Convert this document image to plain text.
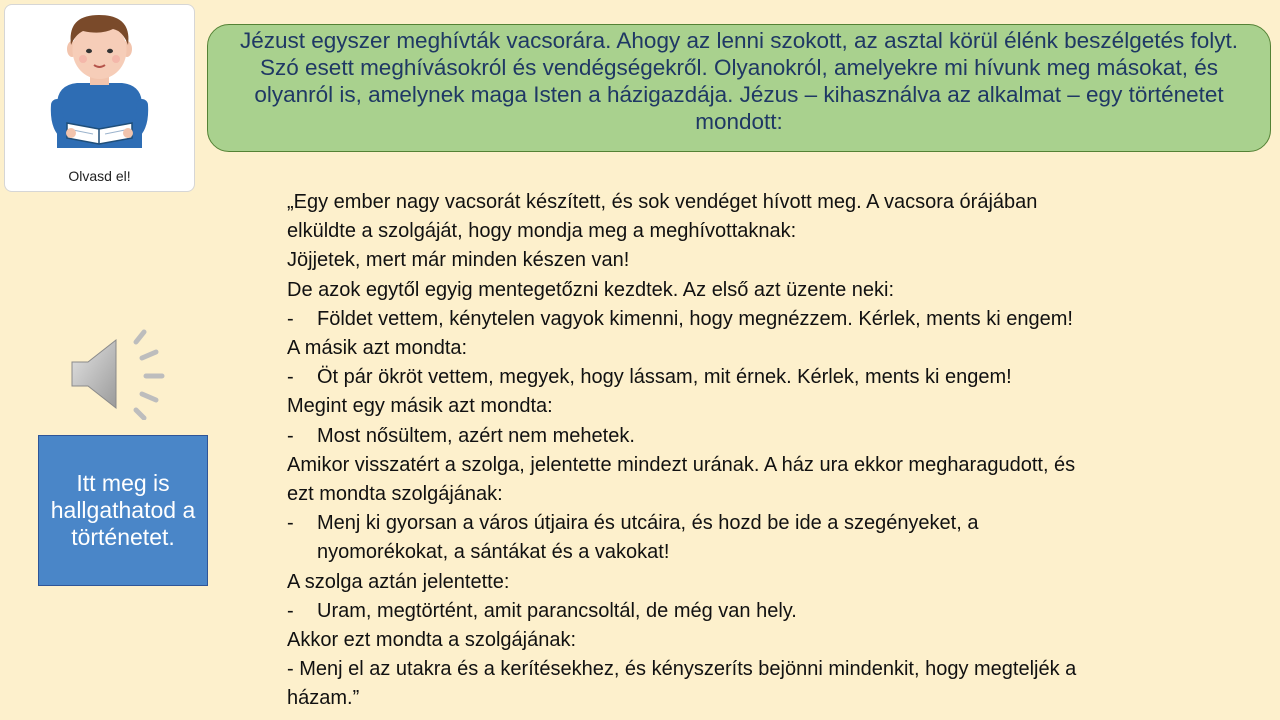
Olvasd el!
Jézust egyszer meghívták vacsorára. Ahogy az lenni szokott, az asztal körül élénk beszélgetés folyt. Szó esett meghívásokról és vendégségekről. Olyanokról, amelyekre mi hívunk meg másokat, és olyanról is, amelynek maga Isten a házigazdája. Jézus – kihasználva az alkalmat – egy történetet mondott:
Itt meg is hallgathatod a történetet.

„Egy ember nagy vacsorát készített, és sok vendéget hívott meg. A vacsora órájában

elküldte a szolgáját, hogy mondja meg a meghívottaknak:

Jöjjetek, mert már minden készen van!

De azok egytől egyig mentegetőzni kezdtek. Az első azt üzente neki:

- Földet vettem, kénytelen vagyok kimenni, hogy megnézzem. Kérlek, ments ki engem!

A másik azt mondta:

- Öt pár ökröt vettem, megyek, hogy lássam, mit érnek. Kérlek, ments ki engem!

Megint egy másik azt mondta:

- Most nősültem, azért nem mehetek.

Amikor visszatért a szolga, jelentette mindezt urának. A ház ura ekkor megharagudott, és

ezt mondta szolgájának:

- Menj ki gyorsan a város útjaira és utcáira, és hozd be ide a szegényeket, a

nyomorékokat, a sántákat és a vakokat!

A szolga aztán jelentette:

- Uram, megtörtént, amit parancsoltál, de még van hely.

Akkor ezt mondta a szolgájának:

- Menj el az utakra és a kerítésekhez, és kényszeríts bejönni mindenkit, hogy megteljék a

házam.”
